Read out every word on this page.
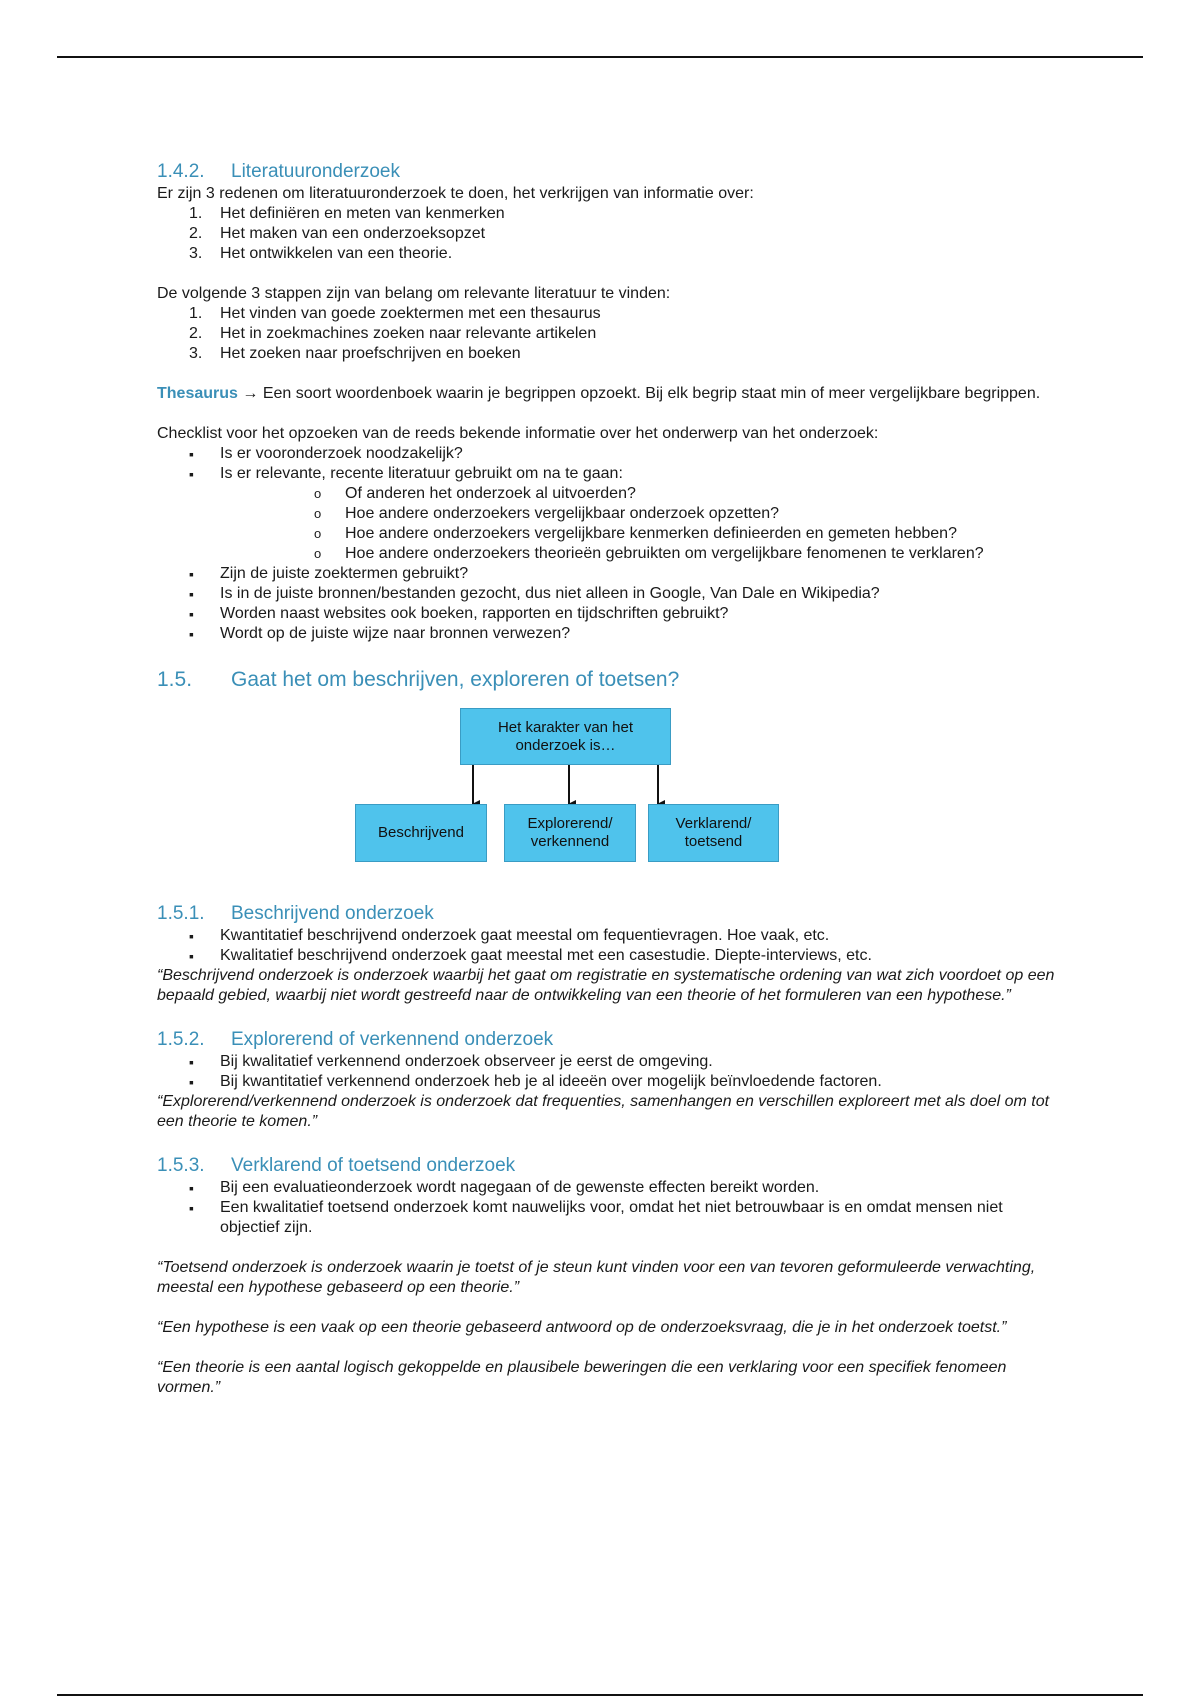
1.4.2. Literatuuronderzoek

Er zijn 3 redenen om literatuuronderzoek te doen, het verkrijgen van informatie over:

1. Het definiëren en meten van kenmerken
2. Het maken van een onderzoeksopzet
3. Het ontwikkelen van een theorie.

De volgende 3 stappen zijn van belang om relevante literatuur te vinden:

1. Het vinden van goede zoektermen met een thesaurus
2. Het in zoekmachines zoeken naar relevante artikelen
3. Het zoeken naar proefschrijven en boeken

Thesaurus → Een soort woordenboek waarin je begrippen opzoekt. Bij elk begrip staat min of meer vergelijkbare begrippen.

Checklist voor het opzoeken van de reeds bekende informatie over het onderwerp van het onderzoek:

▪ Is er vooronderzoek noodzakelijk?
▪ Is er relevante, recente literatuur gebruikt om na te gaan:
o Of anderen het onderzoek al uitvoerden?
o Hoe andere onderzoekers vergelijkbaar onderzoek opzetten?
o Hoe andere onderzoekers vergelijkbare kenmerken definieerden en gemeten hebben?
o Hoe andere onderzoekers theorieën gebruikten om vergelijkbare fenomenen te verklaren?
▪ Zijn de juiste zoektermen gebruikt?
▪ Is in de juiste bronnen/bestanden gezocht, dus niet alleen in Google, Van Dale en Wikipedia?
▪ Worden naast websites ook boeken, rapporten en tijdschriften gebruikt?
▪ Wordt op de juiste wijze naar bronnen verwezen?
1.5. Gaat het om beschrijven, exploreren of toetsen?
Het karakter van het onderzoek is…
Beschrijvend
Explorerend/ verkennend
Verklarend/ toetsend
1.5.1. Beschrijvend onderzoek
▪ Kwantitatief beschrijvend onderzoek gaat meestal om fequentievragen. Hoe vaak, etc.
▪ Kwalitatief beschrijvend onderzoek gaat meestal met een casestudie. Diepte-interviews, etc.

“Beschrijvend onderzoek is onderzoek waarbij het gaat om registratie en systematische ordening van wat zich voordoet op een bepaald gebied, waarbij niet wordt gestreefd naar de ontwikkeling van een theorie of het formuleren van een hypothese.”

1.5.2. Explorerend of verkennend onderzoek
▪ Bij kwalitatief verkennend onderzoek observeer je eerst de omgeving.
▪ Bij kwantitatief verkennend onderzoek heb je al ideeën over mogelijk beïnvloedende factoren.

“Explorerend/verkennend onderzoek is onderzoek dat frequenties, samenhangen en verschillen exploreert met als doel om tot een theorie te komen.”

1.5.3. Verklarend of toetsend onderzoek
▪ Bij een evaluatieonderzoek wordt nagegaan of de gewenste effecten bereikt worden.
▪ Een kwalitatief toetsend onderzoek komt nauwelijks voor, omdat het niet betrouwbaar is en omdat mensen niet objectief zijn.

“Toetsend onderzoek is onderzoek waarin je toetst of je steun kunt vinden voor een van tevoren geformuleerde verwachting, meestal een hypothese gebaseerd op een theorie.”

“Een hypothese is een vaak op een theorie gebaseerd antwoord op de onderzoeksvraag, die je in het onderzoek toetst.”

“Een theorie is een aantal logisch gekoppelde en plausibele beweringen die een verklaring voor een specifiek fenomeen vormen.”
